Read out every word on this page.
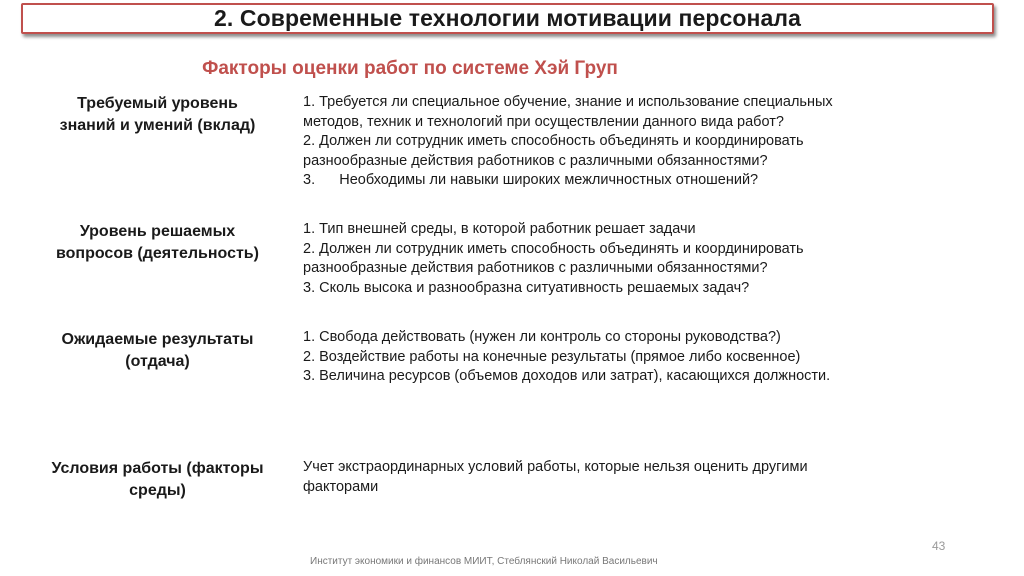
2. Современные технологии мотивации персонала
Факторы оценки работ по системе Хэй Груп
Требуемый уровень
знаний и умений (вклад)
1. Требуется ли специальное обучение, знание и использование специальных
методов, техник и технологий при осуществлении данного вида работ?
2. Должен ли сотрудник иметь способность объединять и координировать
разнообразные действия работников с различными обязанностями?
3.      Необходимы ли навыки широких межличностных отношений?
Уровень решаемых
вопросов (деятельность)
1. Тип внешней среды, в которой работник решает задачи
2. Должен ли сотрудник иметь способность объединять и координировать
разнообразные действия работников с различными обязанностями?
3. Сколь высока и разнообразна ситуативность решаемых задач?
Ожидаемые результаты
(отдача)
1. Свобода действовать (нужен ли контроль со стороны руководства?)
2. Воздействие работы на конечные результаты (прямое либо косвенное)
3. Величина ресурсов (объемов доходов или затрат), касающихся должности.
Условия работы (факторы
среды)
Учет экстраординарных условий работы, которые нельзя оценить другими
факторами
Институт экономики и финансов МИИТ, Стеблянский Николай Васильевич
43
